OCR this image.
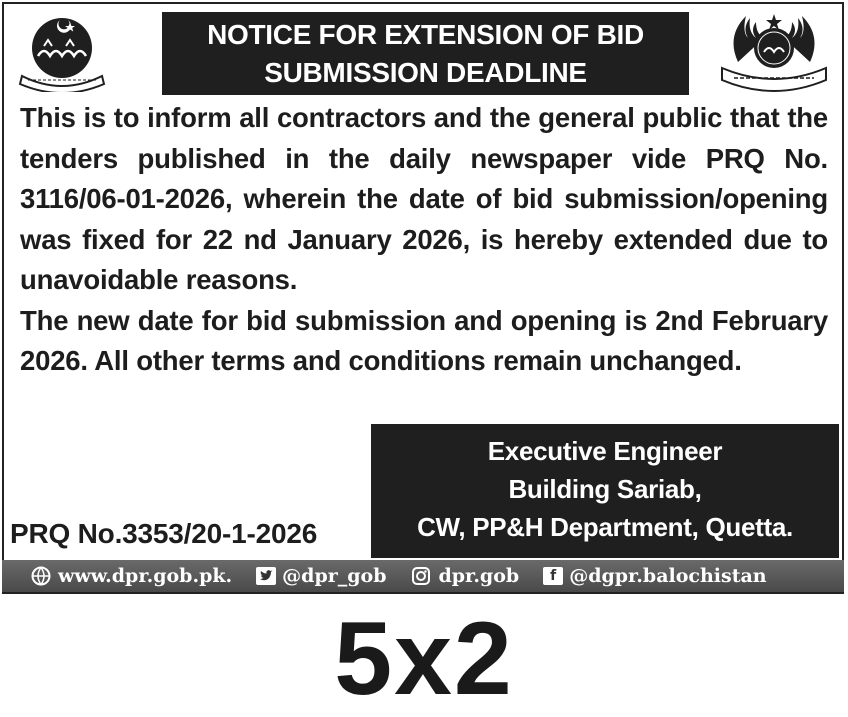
NOTICE FOR EXTENSION OF BID
SUBMISSION DEADLINE

This is to inform all contractors and the general public that the tenders published in the daily newspaper vide PRQ No. 3116/06-01-2026, wherein the date of bid submission/opening was fixed for 22 nd January 2026, is hereby extended due to unavoidable reasons.

The new date for bid submission and opening is 2nd February 2026. All other terms and conditions remain unchanged.

Executive Engineer
Building Sariab,
CW, PP&H Department, Quetta.
PRQ No.3353/20-1-2026
www.dpr.gob.pk.	@dpr_gob	dpr.gob	f @dgpr.balochistan
5x2
